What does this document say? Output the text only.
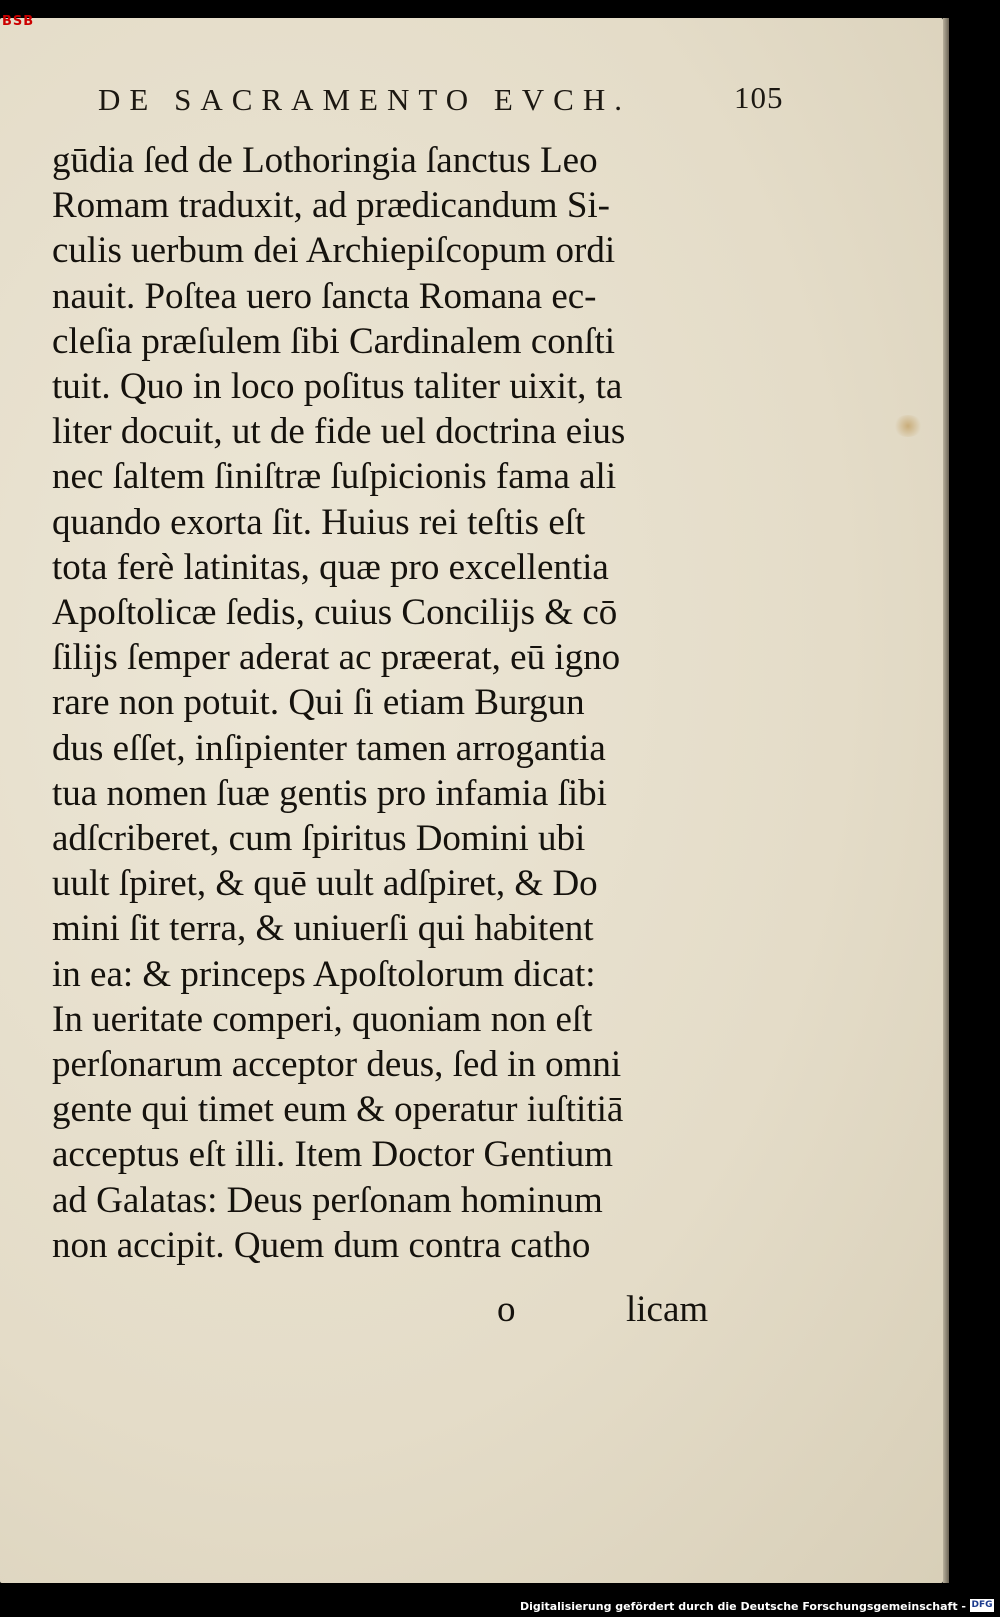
BSB
DE SACRAMENTO EVCH.	105
gūdia ſed de Lothoringia ſanctus Leo
Romam traduxit, ad prædicandum Si-
culis uerbum dei Archiepiſcopum ordi
nauit. Poſtea uero ſancta Romana ec-
cleſia præſulem ſibi Cardinalem conſti
tuit. Quo in loco poſitus taliter uixit, ta
liter docuit, ut de fide uel doctrina eius
nec ſaltem ſiniſtræ ſuſpicionis fama ali
quando exorta ſit. Huius rei teſtis eſt
tota ferè latinitas, quæ pro excellentia
Apoſtolicæ ſedis, cuius Concilijs & cō
ſilijs ſemper aderat ac præerat, eū igno
rare non potuit. Qui ſi etiam Burgun
dus eſſet, inſipienter tamen arrogantia
tua nomen ſuæ gentis pro infamia ſibi
adſcriberet, cum ſpiritus Domini ubi
uult ſpiret, & quē uult adſpiret, & Do
mini ſit terra, & uniuerſi qui habitent
in ea: & princeps Apoſtolorum dicat:
In ueritate comperi, quoniam non eſt
perſonarum acceptor deus, ſed in omni
gente qui timet eum & operatur iuſtitiā
acceptus eſt illi. Item Doctor Gentium
ad Galatas: Deus perſonam hominum
non accipit. Quem dum contra catho
o	licam
Digitalisierung gefördert durch die Deutsche Forschungsgemeinschaft - DFG
